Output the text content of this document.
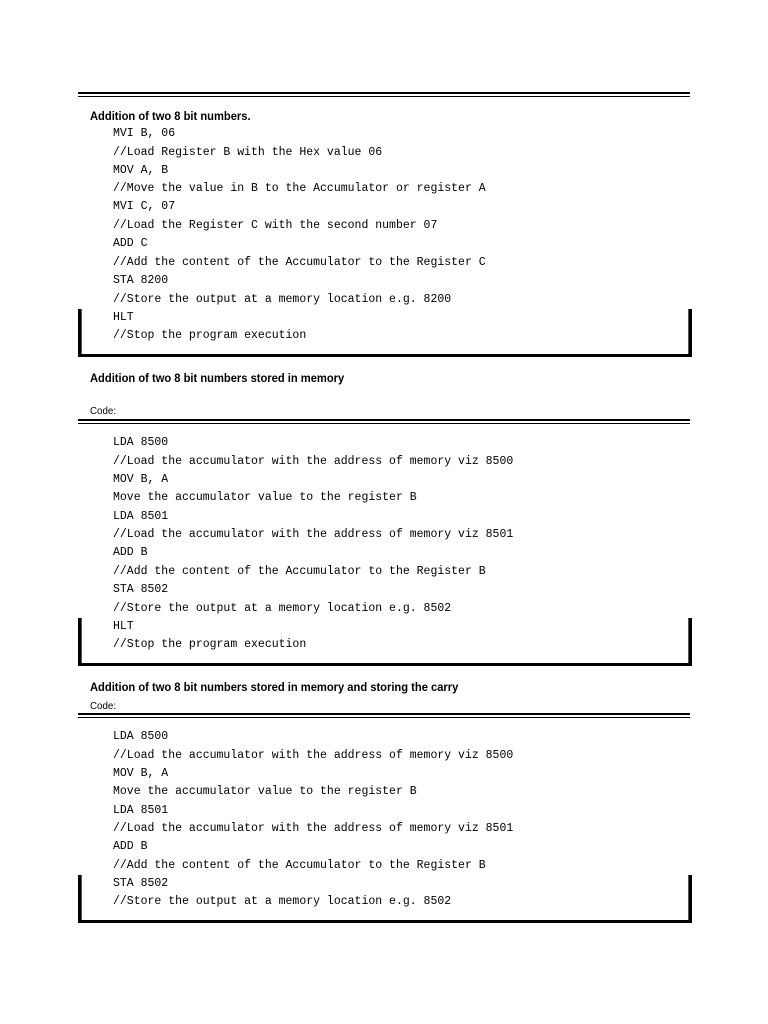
Addition of two 8 bit numbers.
MVI B, 06
//Load Register B with the Hex value 06
MOV A, B
//Move the value in B to the Accumulator or register A
MVI C, 07
//Load the Register C with the second number 07
ADD C
//Add the content of the Accumulator to the Register C
STA 8200
//Store the output at a memory location e.g. 8200
HLT
//Stop the program execution
Addition of two 8 bit numbers stored in memory
Code:
LDA 8500
//Load the accumulator with the address of memory viz 8500
MOV B, A
Move the accumulator value to the register B
LDA 8501
//Load the accumulator with the address of memory viz 8501
ADD B
//Add the content of the Accumulator to the Register B
STA 8502
//Store the output at a memory location e.g. 8502
HLT
//Stop the program execution
Addition of two 8 bit numbers stored in memory and storing the carry
Code:
LDA 8500
//Load the accumulator with the address of memory viz 8500
MOV B, A
Move the accumulator value to the register B
LDA 8501
//Load the accumulator with the address of memory viz 8501
ADD B
//Add the content of the Accumulator to the Register B
STA 8502
//Store the output at a memory location e.g. 8502
